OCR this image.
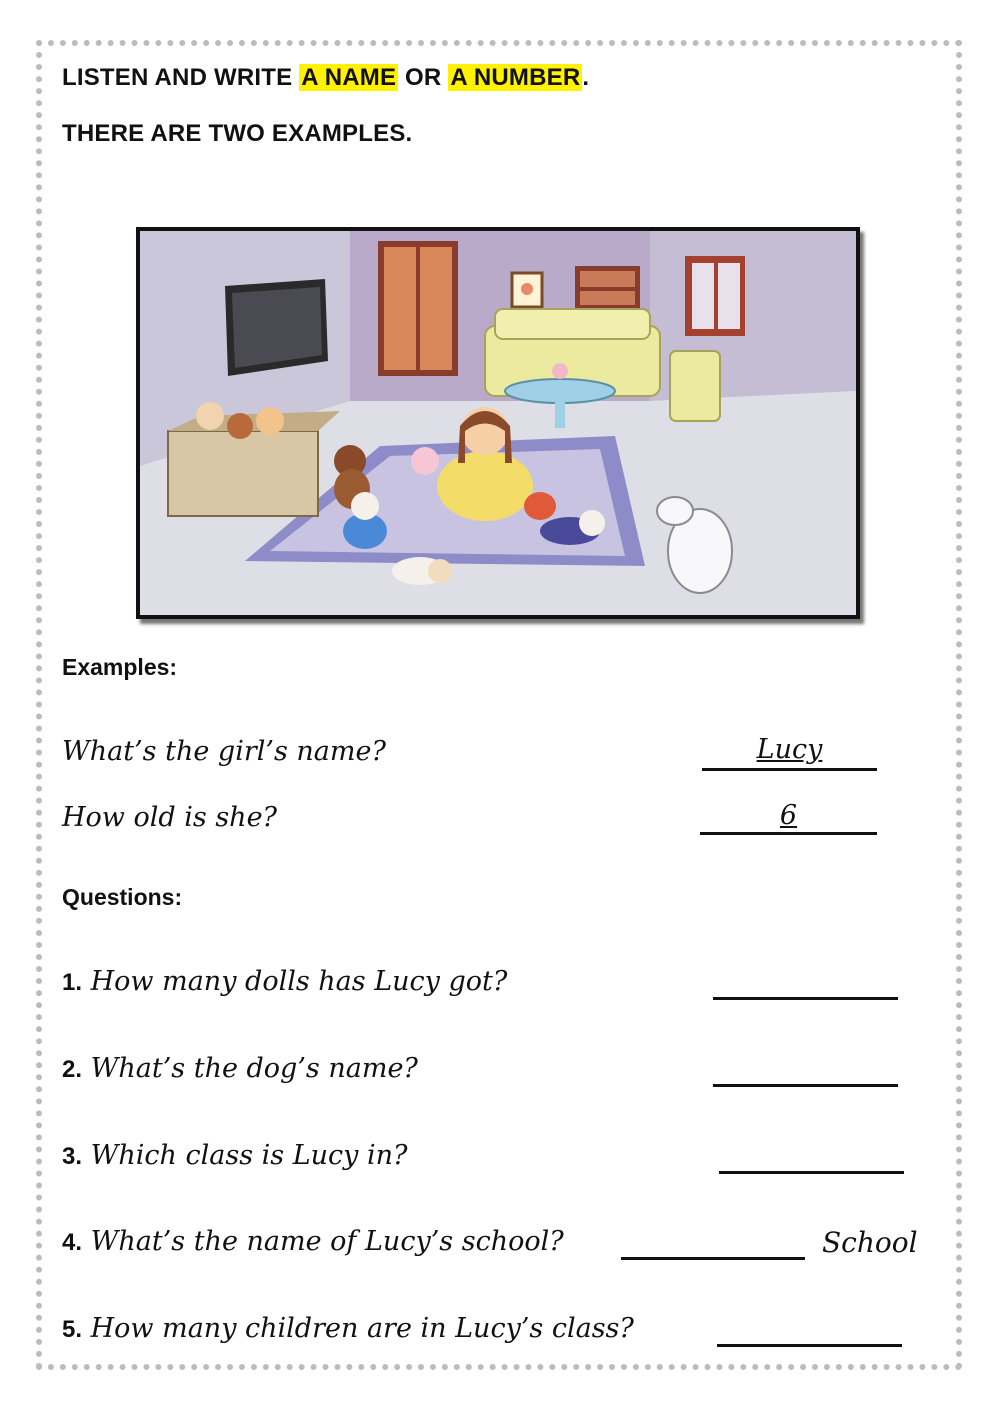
LISTEN AND WRITE A NAME OR A NUMBER.
THERE ARE TWO EXAMPLES.
Examples:
What’s the girl’s name?	Lucy
How old is she?	6
Questions:
1. How many dolls has Lucy got?
2. What’s the dog’s name?
3. Which class is Lucy in?
4. What’s the name of Lucy’s school?	School
5. How many children are in Lucy’s class?
